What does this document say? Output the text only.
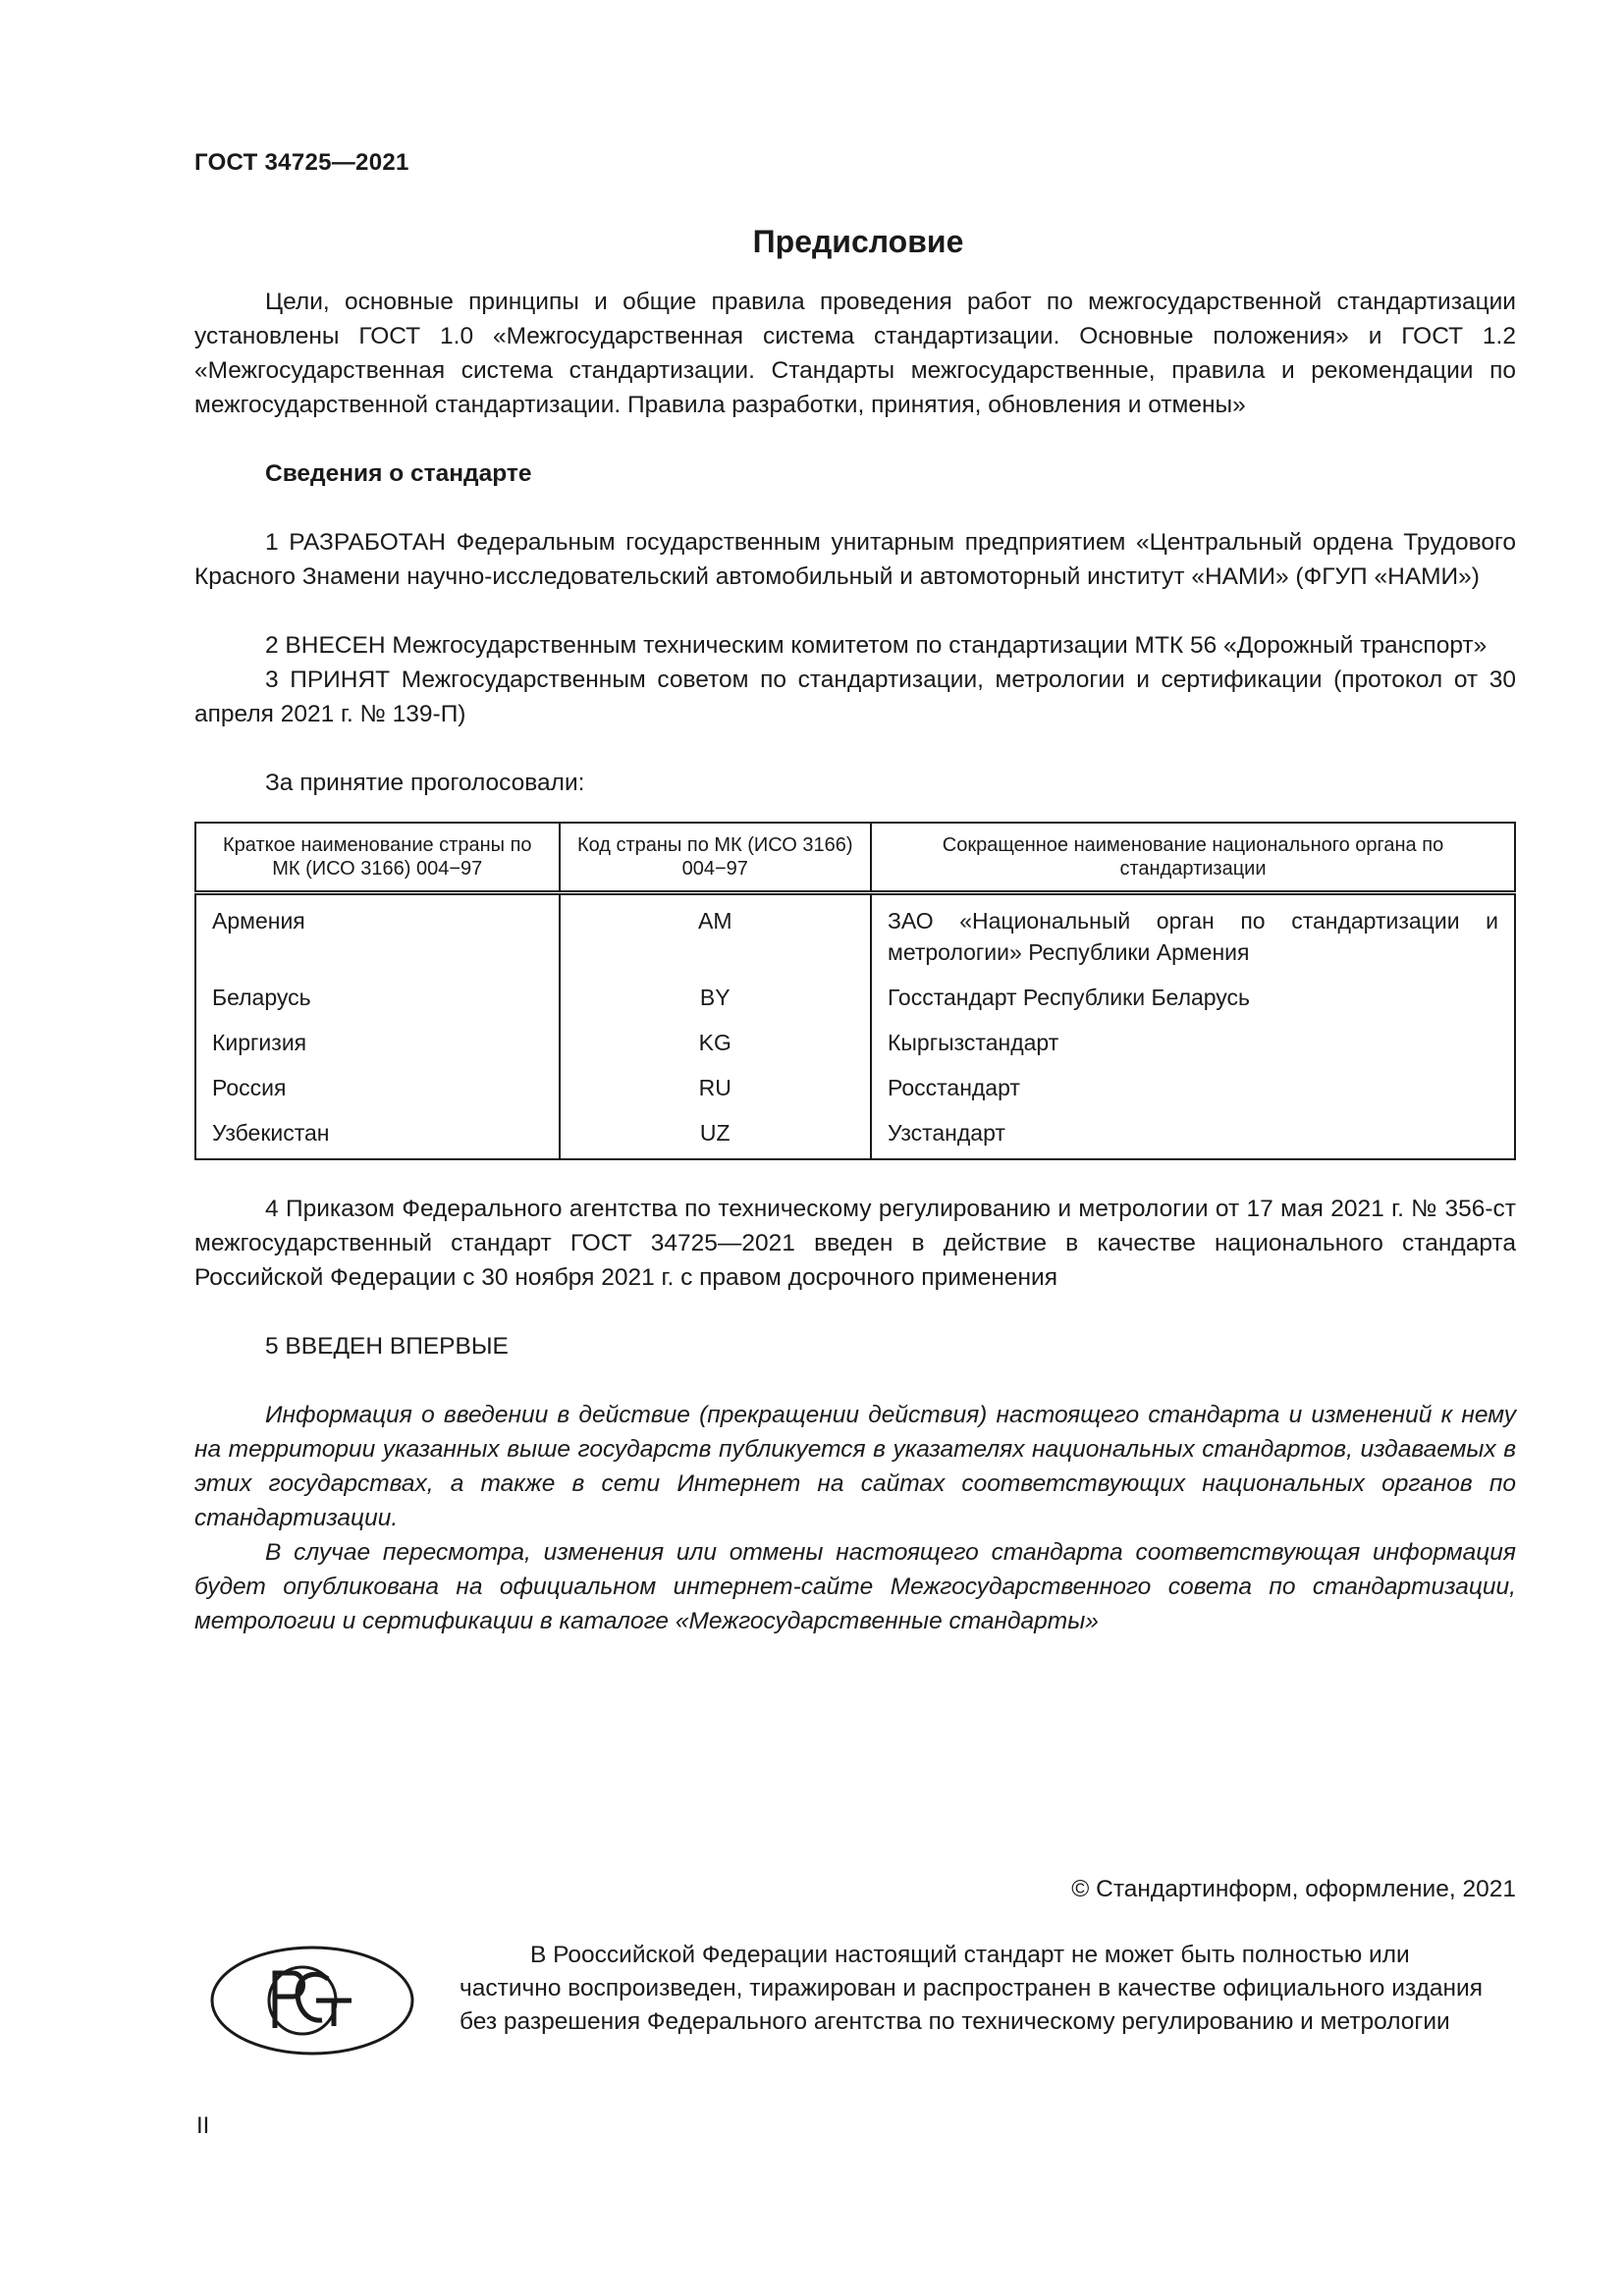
ГОСТ 34725—2021
Предисловие

Цели, основные принципы и общие правила проведения работ по межгосударственной стандартизации установлены ГОСТ 1.0 «Межгосударственная система стандартизации. Основные положения» и ГОСТ 1.2 «Межгосударственная система стандартизации. Стандарты межгосударственные, правила и рекомендации по межгосударственной стандартизации. Правила разработки, принятия, обновления и отмены»

Сведения о стандарте

1 РАЗРАБОТАН Федеральным государственным унитарным предприятием «Центральный ордена Трудового Красного Знамени научно-исследовательский автомобильный и автомоторный институт «НАМИ» (ФГУП «НАМИ»)

2 ВНЕСЕН Межгосударственным техническим комитетом по стандартизации МТК 56 «Дорожный транспорт»

3 ПРИНЯТ Межгосударственным советом по стандартизации, метрологии и сертификации (протокол от 30 апреля 2021 г. № 139-П)

За принятие проголосовали:

Краткое наименование страны по МК (ИСО 3166) 004−97	Код страны по МК (ИСО 3166) 004−97	Сокращенное наименование национального органа по стандартизации
Армения	AM	ЗАО «Национальный орган по стандартизации и метрологии» Республики Армения
Беларусь	BY	Госстандарт Республики Беларусь
Киргизия	KG	Кыргызстандарт
Россия	RU	Росстандарт
Узбекистан	UZ	Узстандарт

4 Приказом Федерального агентства по техническому регулированию и метрологии от 17 мая 2021 г. № 356-ст межгосударственный стандарт ГОСТ 34725—2021 введен в действие в качестве национального стандарта Российской Федерации с 30 ноября 2021 г. с правом досрочного применения

5 ВВЕДЕН ВПЕРВЫЕ

Информация о введении в действие (прекращении действия) настоящего стандарта и изменений к нему на территории указанных выше государств публикуется в указателях национальных стандартов, издаваемых в этих государствах, а также в сети Интернет на сайтах соответствующих национальных органов по стандартизации.

В случае пересмотра, изменения или отмены настоящего стандарта соответствующая информация будет опубликована на официальном интернет-сайте Межгосударственного совета по стандартизации, метрологии и сертификации в каталоге «Межгосударственные стандарты»

© Стандартинформ, оформление, 2021

В Рооссийской Федерации настоящий стандарт не может быть полностью или частично воспроизведен, тиражирован и распространен в качестве официального издания без разрешения Федерального агентства по техническому регулированию и метрологии

II
